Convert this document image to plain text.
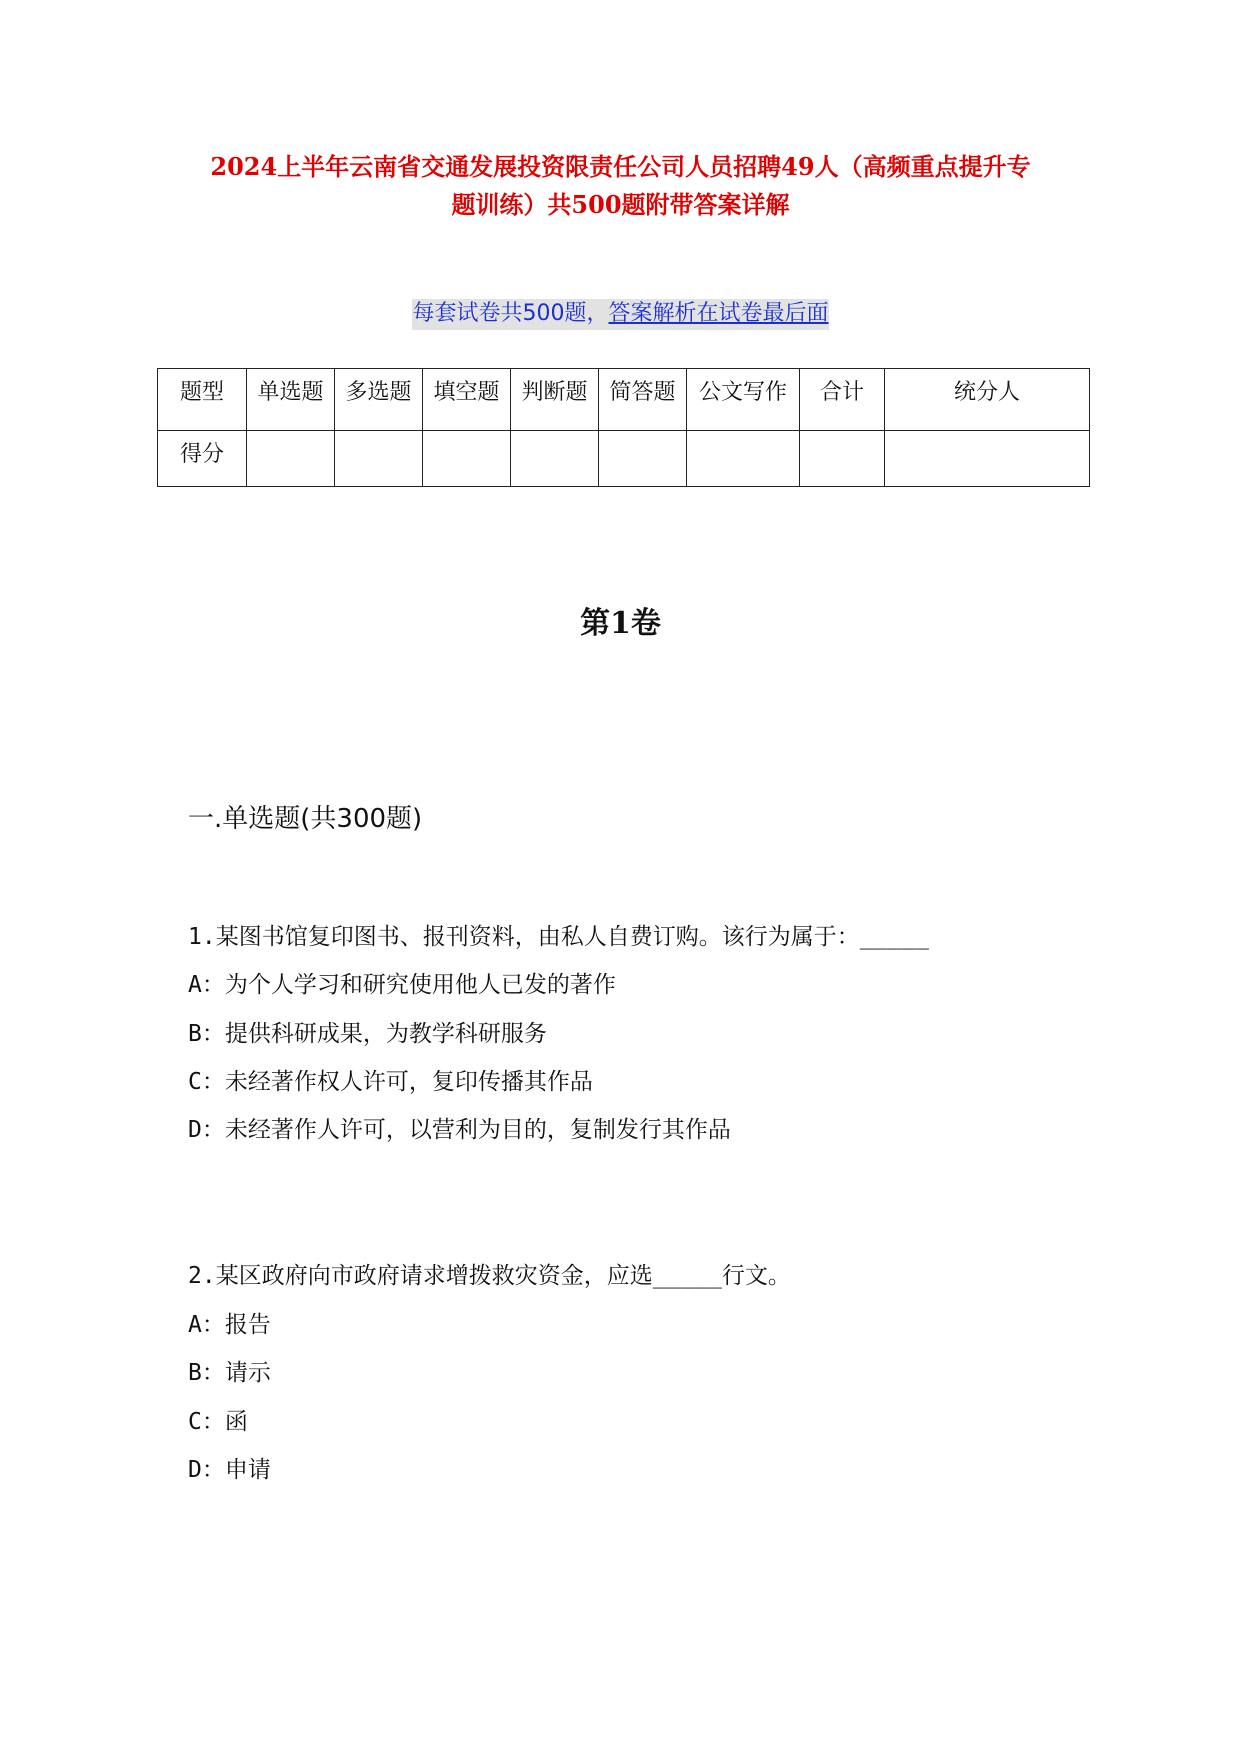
2024上半年云南省交通发展投资限责任公司人员招聘49人（高频重点提升专
题训练）共500题附带答案详解
每套试卷共500题，答案解析在试卷最后面
题型	单选题	多选题	填空题	判断题	简答题	公文写作	合计	统分人
得分								
第1卷
一.单选题(共300题)
1.某图书馆复印图书、报刊资料，由私人自费订购。该行为属于：_____
A：为个人学习和研究使用他人已发的著作
B：提供科研成果，为教学科研服务
C：未经著作权人许可，复印传播其作品
D：未经著作人许可，以营利为目的，复制发行其作品
2.某区政府向市政府请求增拨救灾资金，应选_____行文。
A：报告
B：请示
C：函
D：申请
